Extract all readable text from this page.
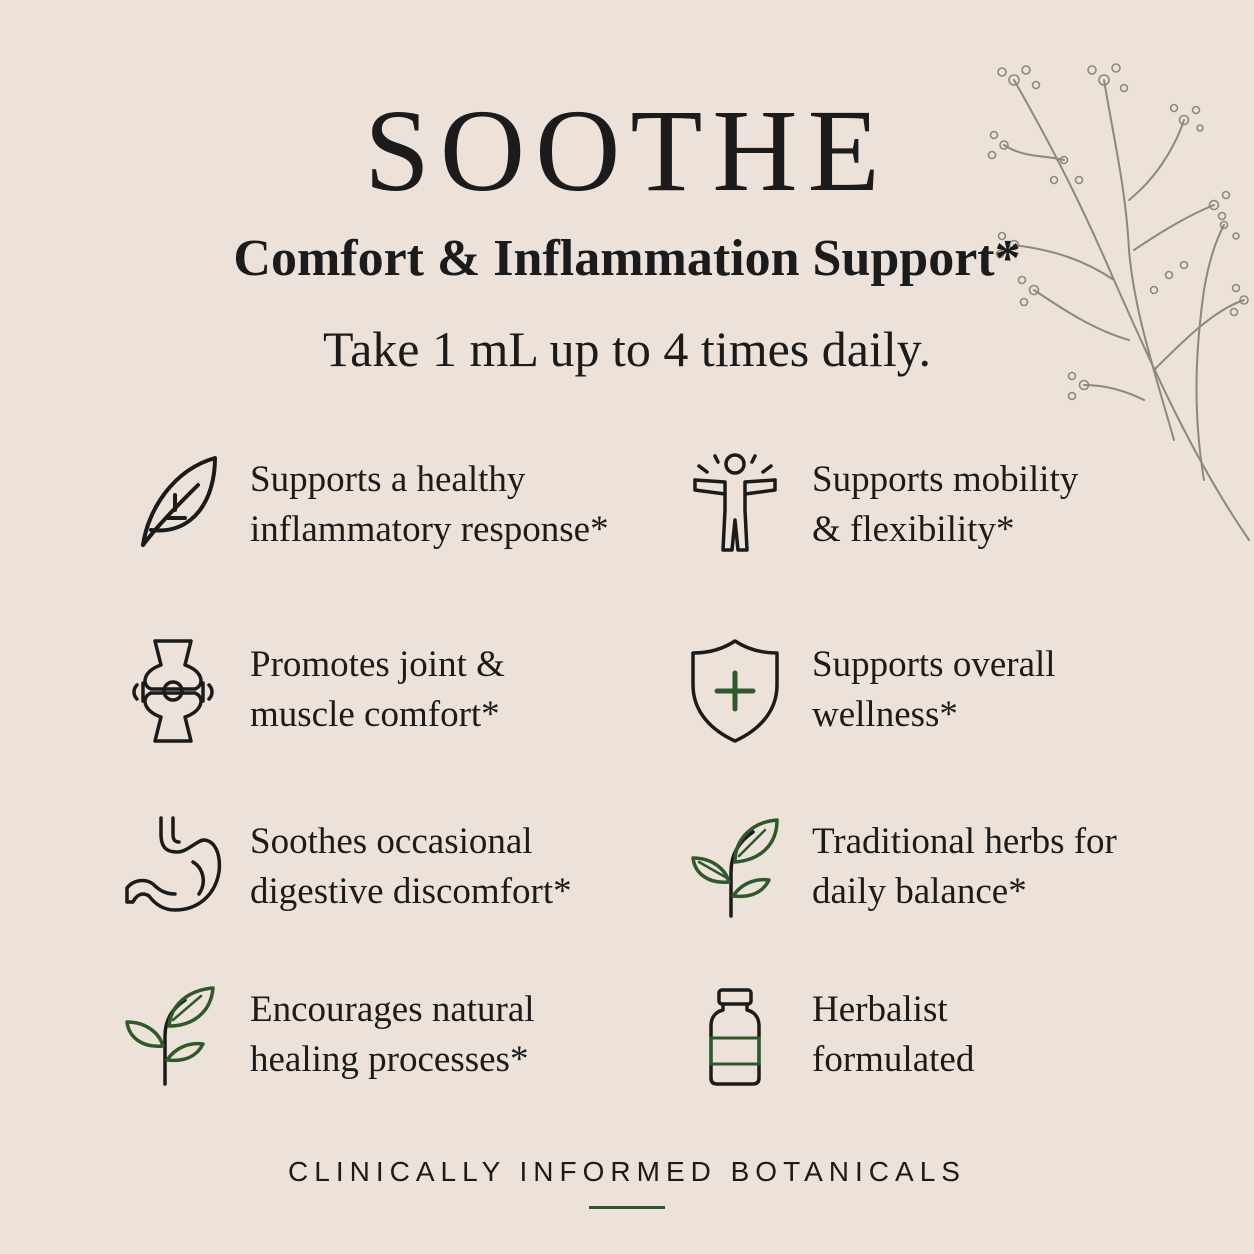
SOOTHE
Comfort & Inflammation Support*

Take 1 mL up to 4 times daily.

Supports a healthy
inflammatory response*
Supports mobility
& flexibility*
Promotes joint &
muscle comfort*
Supports overall
wellness*
Soothes occasional
digestive discomfort*
Traditional herbs for
daily balance*
Encourages natural
healing processes*
Herbalist
formulated

CLINICALLY INFORMED BOTANICALS
